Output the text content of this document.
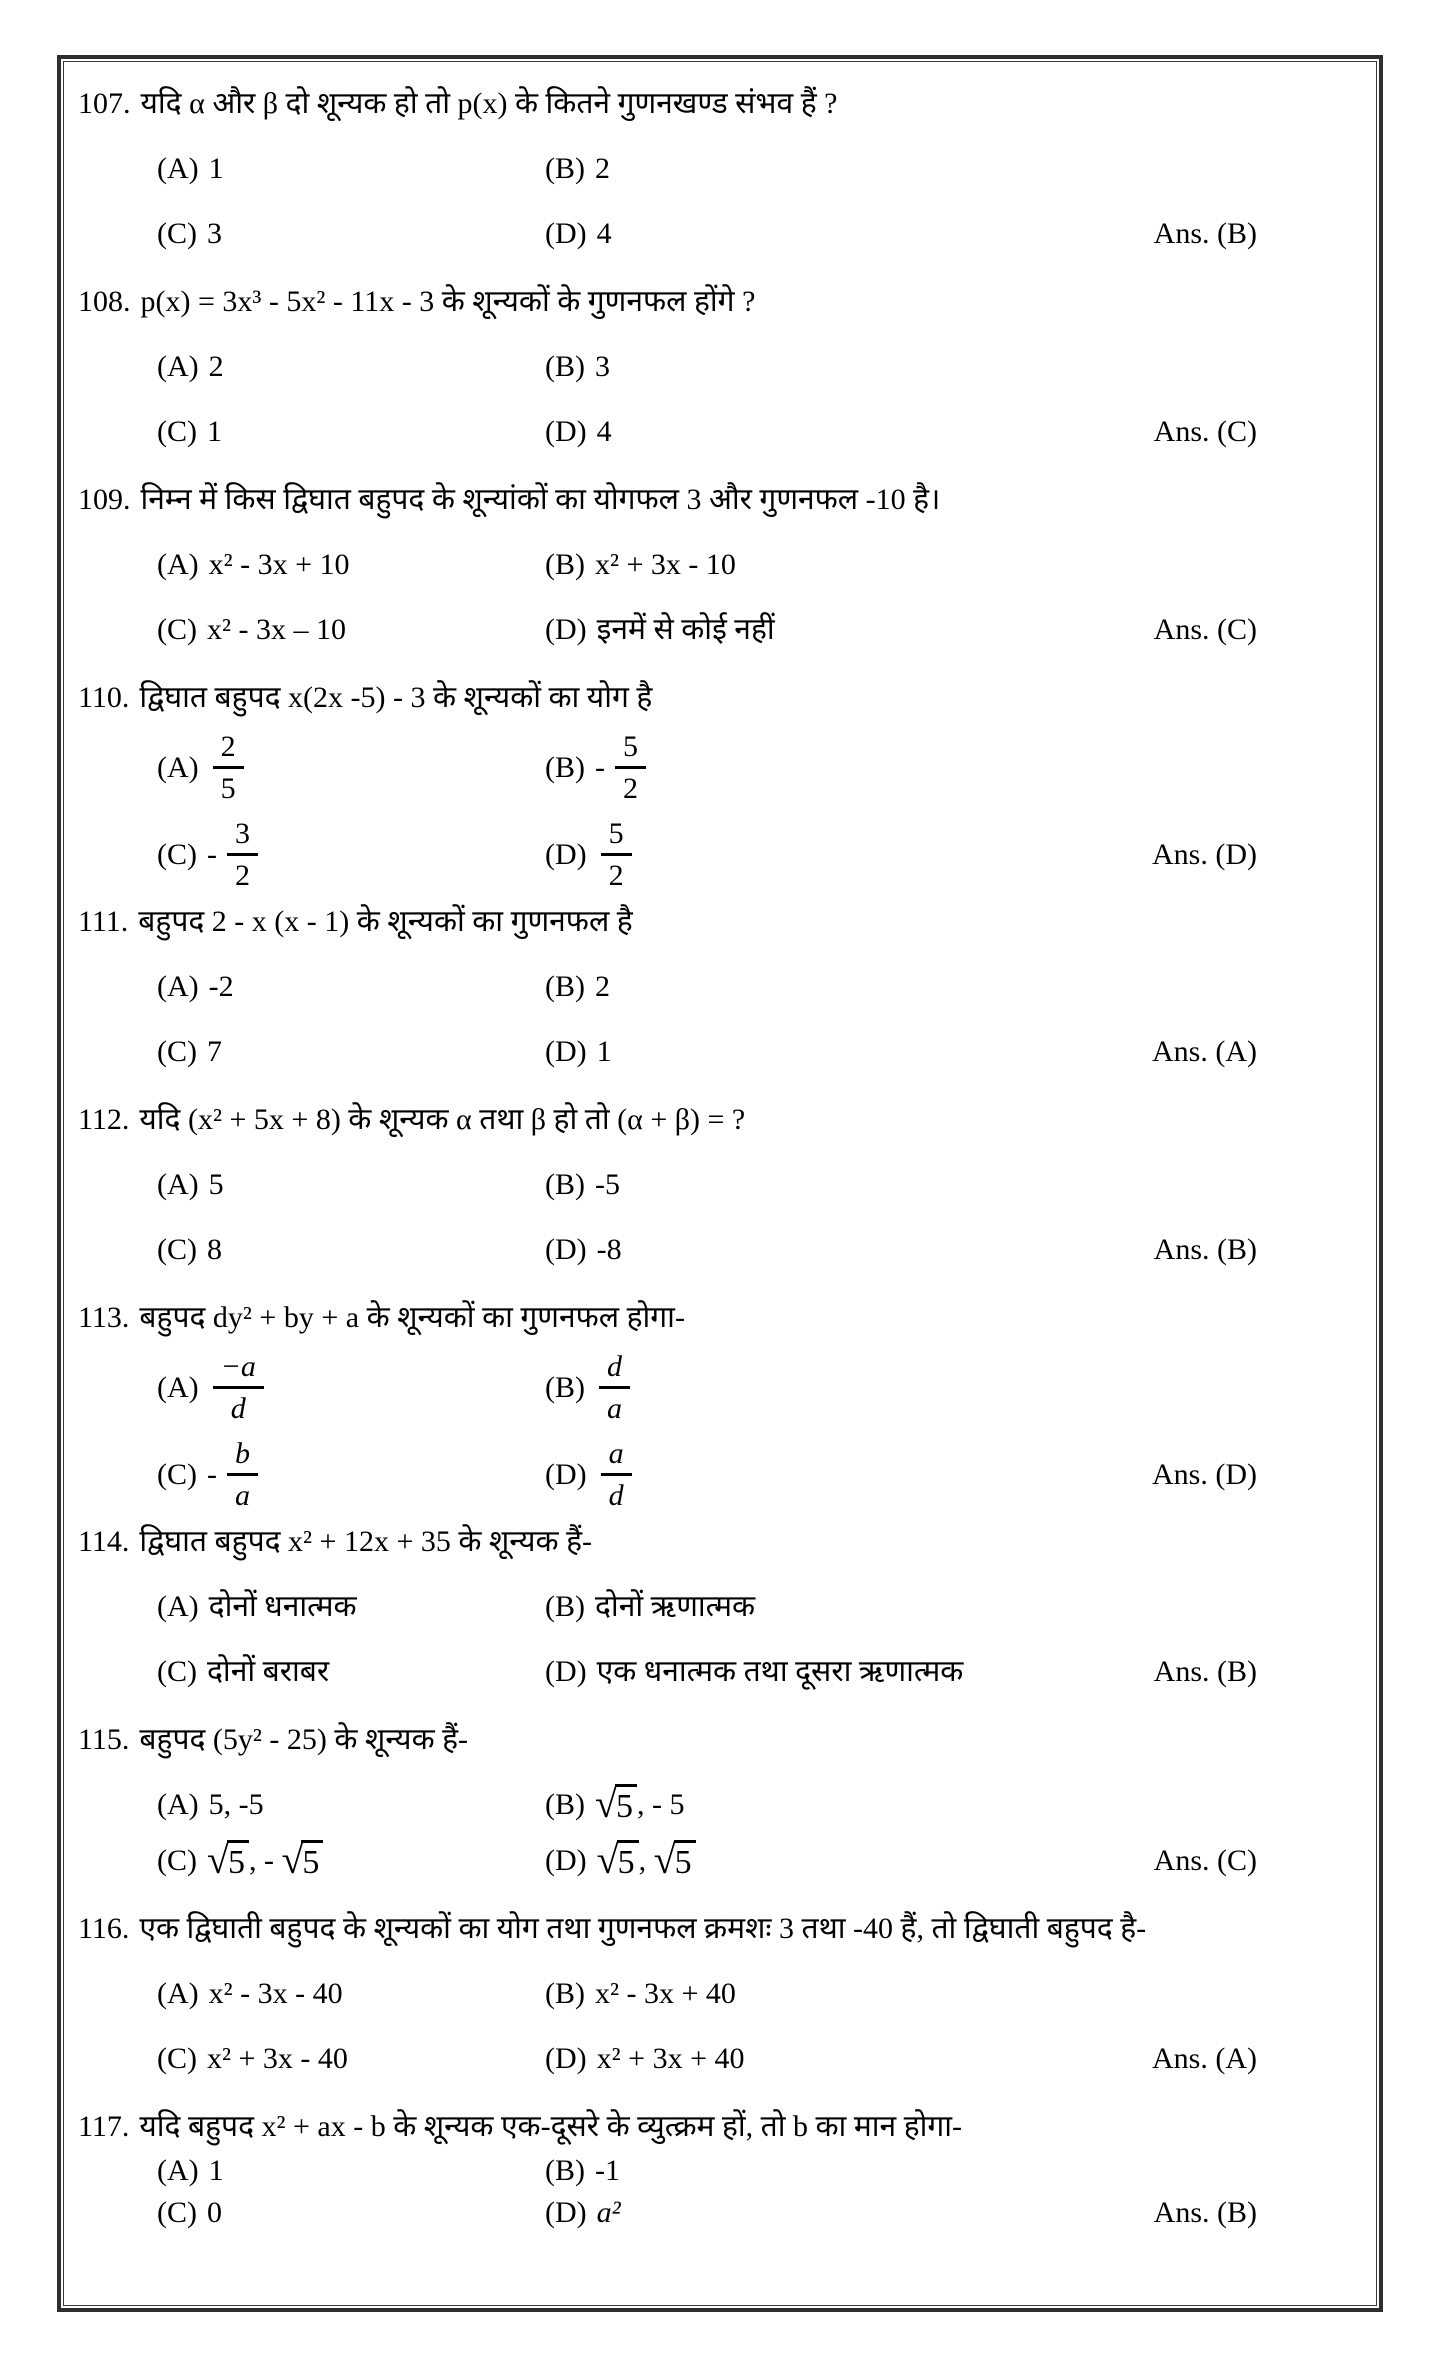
107. यदि α और β दो शून्यक हो तो p(x) के कितने गुणनखण्ड संभव हैं ?
(A) 1	(B) 2
(C) 3	(D) 4	Ans. (B)
108. p(x) = 3x³ - 5x² - 11x - 3 के शून्यकों के गुणनफल होंगे ?
(A) 2	(B) 3
(C) 1	(D) 4	Ans. (C)
109. निम्न में किस द्विघात बहुपद के शून्यांकों का योगफल 3 और गुणनफल -10 है।
(A) x² - 3x + 10	(B) x² + 3x - 10
(C) x² - 3x – 10	(D) इनमें से कोई नहीं	Ans. (C)
110. द्विघात बहुपद x(2x -5) - 3 के शून्यकों का योग है
$(A) \frac{2}{5}$	$(B) - \frac{5}{2}$
$(C) - \frac{3}{2}$	$(D) \frac{5}{2}$	Ans. (D)
111. बहुपद 2 - x (x - 1) के शून्यकों का गुणनफल है
(A) -2	(B) 2
(C) 7	(D) 1	Ans. (A)
112. यदि (x² + 5x + 8) के शून्यक α तथा β हो तो (α + β) = ?
(A) 5	(B) -5
(C) 8	(D) -8	Ans. (B)
113. बहुपद dy² + by + a के शून्यकों का गुणनफल होगा-
$(A) \frac{-a}{d}$	$(B) \frac{d}{a}$
$(C) - \frac{b}{a}$	$(D) \frac{a}{d}$	Ans. (D)
114. द्विघात बहुपद x² + 12x + 35 के शून्यक हैं-
(A) दोनों धनात्मक	(B) दोनों ऋणात्मक
(C) दोनों बराबर	(D) एक धनात्मक तथा दूसरा ऋणात्मक	Ans. (B)
115. बहुपद (5y² - 25) के शून्यक हैं-
(A) 5, -5	(B) √ 5 , - 5
(C) √ 5 , - √ 5	(D) √ 5 , √ 5	Ans. (C)
116. एक द्विघाती बहुपद के शून्यकों का योग तथा गुणनफल क्रमशः 3 तथा -40 हैं, तो द्विघाती बहुपद है-
(A) x² - 3x - 40	(B) x² - 3x + 40
(C) x² + 3x - 40	(D) x² + 3x + 40	Ans. (A)
117. यदि बहुपद x² + ax - b के शून्यक एक-दूसरे के व्युत्क्रम हों, तो b का मान होगा-
(A) 1	(B) -1
(C) 0	(D) a²	Ans. (B)
